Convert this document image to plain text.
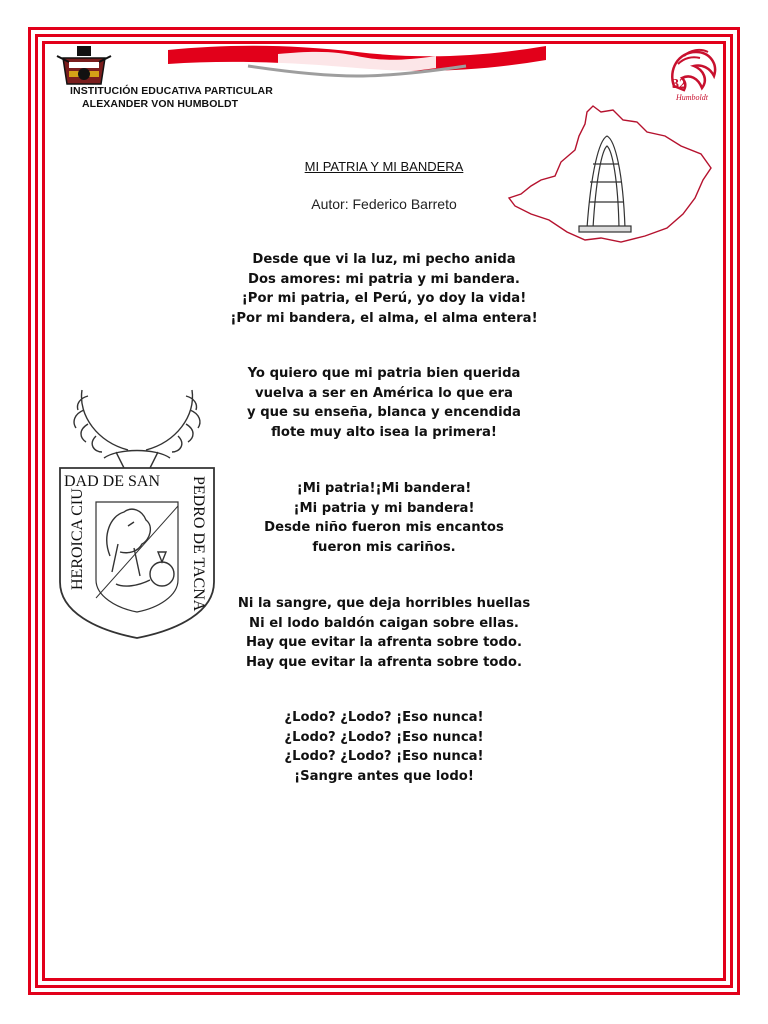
INSTITUCIÓN EDUCATIVA PARTICULAR
ALEXANDER VON HUMBOLDT
32
Humboldt
DAD DE SAN
HEROICA CIU	PEDRO DE TACNA
MI PATRIA Y MI BANDERA
Autor: Federico Barreto
Desde que vi la luz, mi pecho anida
Dos amores: mi patria y mi bandera.
¡Por mi patria, el Perú, yo doy la vida!
¡Por mi bandera, el alma, el alma entera!
Yo quiero que mi patria bien querida
vuelva a ser en América lo que era
y que su enseña, blanca y encendida
flote muy alto isea la primera!
¡Mi patria!¡Mi bandera!
¡Mi patria y mi bandera!
Desde niño fueron mis encantos
fueron mis cariños.
Ni la sangre, que deja horribles huellas
Ni el lodo baldón caigan sobre ellas.
Hay que evitar la afrenta sobre todo.
Hay que evitar la afrenta sobre todo.
¿Lodo? ¿Lodo? ¡Eso nunca!
¿Lodo? ¿Lodo? ¡Eso nunca!
¿Lodo? ¿Lodo? ¡Eso nunca!
¡Sangre antes que lodo!
